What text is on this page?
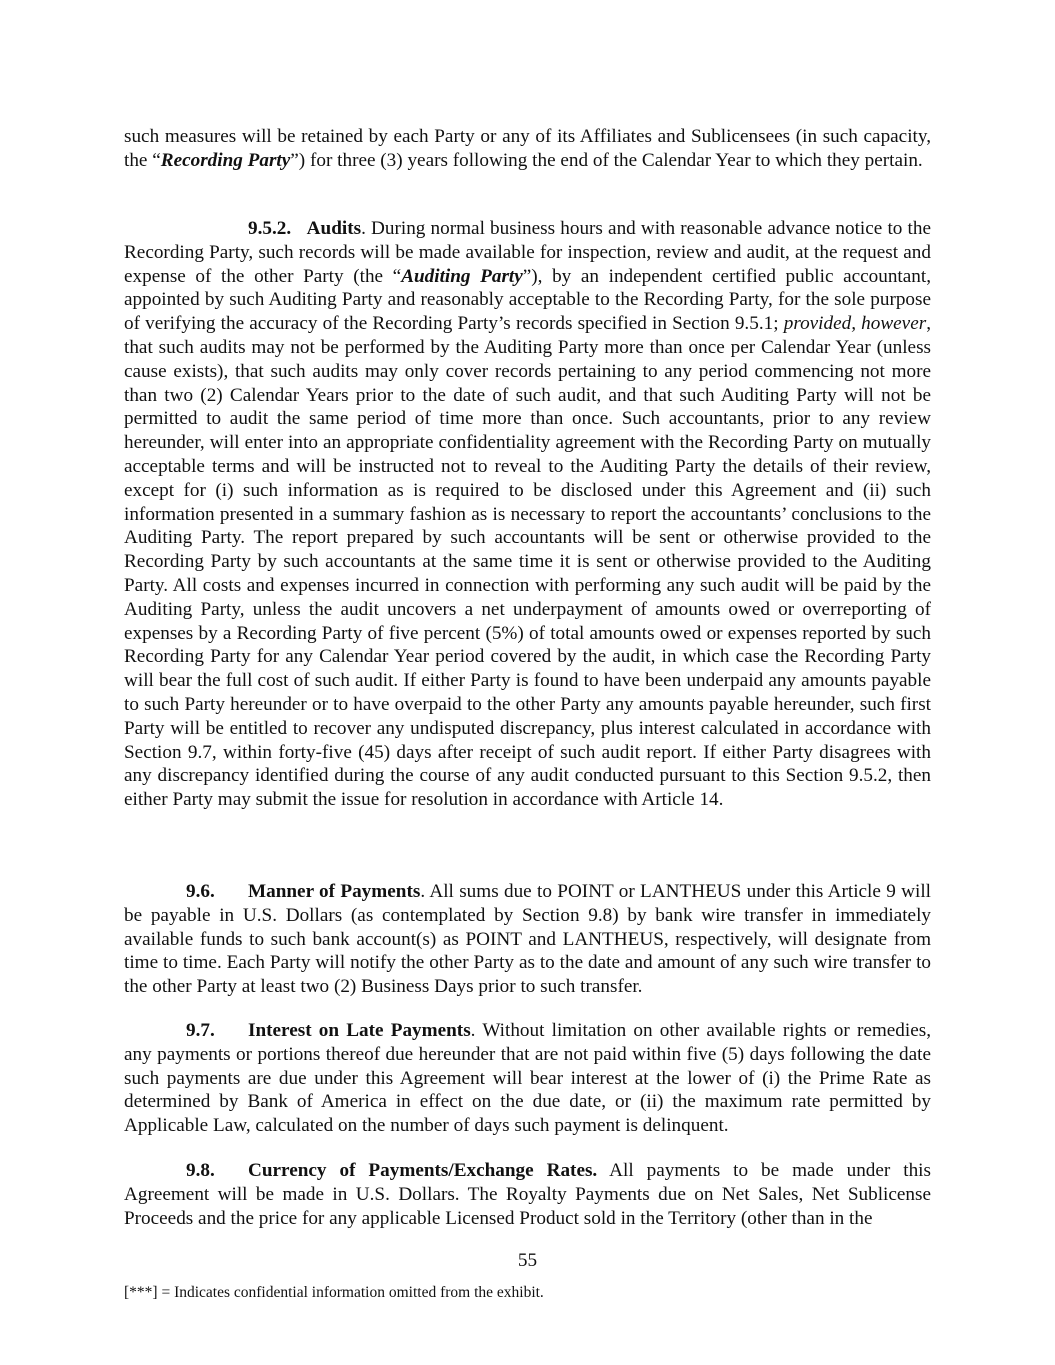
such measures will be retained by each Party or any of its Affiliates and Sublicensees (in such capacity, the “Recording Party”) for three (3) years following the end of the Calendar Year to which they pertain.

9.5.2. Audits. During normal business hours and with reasonable advance notice to the Recording Party, such records will be made available for inspection, review and audit, at the request and expense of the other Party (the “Auditing Party”), by an independent certified public accountant, appointed by such Auditing Party and reasonably acceptable to the Recording Party, for the sole purpose of verifying the accuracy of the Recording Party’s records specified in Section 9.5.1; provided, however, that such audits may not be performed by the Auditing Party more than once per Calendar Year (unless cause exists), that such audits may only cover records pertaining to any period commencing not more than two (2) Calendar Years prior to the date of such audit, and that such Auditing Party will not be permitted to audit the same period of time more than once. Such accountants, prior to any review hereunder, will enter into an appropriate confidentiality agreement with the Recording Party on mutually acceptable terms and will be instructed not to reveal to the Auditing Party the details of their review, except for (i) such information as is required to be disclosed under this Agreement and (ii) such information presented in a summary fashion as is necessary to report the accountants’ conclusions to the Auditing Party. The report prepared by such accountants will be sent or otherwise provided to the Recording Party by such accountants at the same time it is sent or otherwise provided to the Auditing Party. All costs and expenses incurred in connection with performing any such audit will be paid by the Auditing Party, unless the audit uncovers a net underpayment of amounts owed or overreporting of expenses by a Recording Party of five percent (5%) of total amounts owed or expenses reported by such Recording Party for any Calendar Year period covered by the audit, in which case the Recording Party will bear the full cost of such audit. If either Party is found to have been underpaid any amounts payable to such Party hereunder or to have overpaid to the other Party any amounts payable hereunder, such first Party will be entitled to recover any undisputed discrepancy, plus interest calculated in accordance with Section 9.7, within forty-five (45) days after receipt of such audit report. If either Party disagrees with any discrepancy identified during the course of any audit conducted pursuant to this Section 9.5.2, then either Party may submit the issue for resolution in accordance with Article 14.

9.6. Manner of Payments. All sums due to POINT or LANTHEUS under this Article 9 will be payable in U.S. Dollars (as contemplated by Section 9.8) by bank wire transfer in immediately available funds to such bank account(s) as POINT and LANTHEUS, respectively, will designate from time to time. Each Party will notify the other Party as to the date and amount of any such wire transfer to the other Party at least two (2) Business Days prior to such transfer.

9.7. Interest on Late Payments. Without limitation on other available rights or remedies, any payments or portions thereof due hereunder that are not paid within five (5) days following the date such payments are due under this Agreement will bear interest at the lower of (i) the Prime Rate as determined by Bank of America in effect on the due date, or (ii) the maximum rate permitted by Applicable Law, calculated on the number of days such payment is delinquent.

9.8. Currency of Payments/Exchange Rates. All payments to be made under this Agreement will be made in U.S. Dollars. The Royalty Payments due on Net Sales, Net Sublicense Proceeds and the price for any applicable Licensed Product sold in the Territory (other than in the

55
[***] = Indicates confidential information omitted from the exhibit.
